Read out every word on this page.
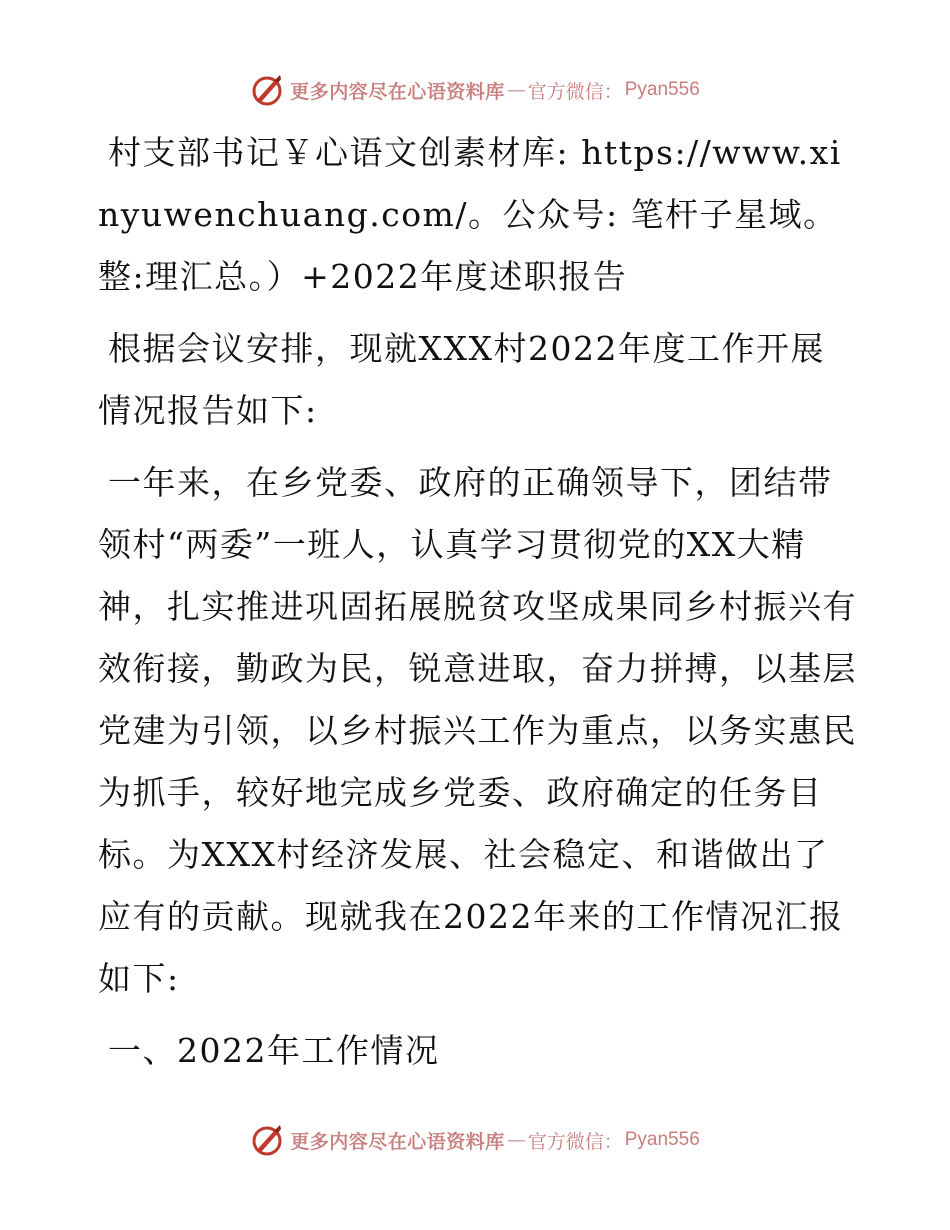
更多内容尽在心语资料库 — 官方微信： Pyan556

村支部书记￥心语文创素材库: https://www.xinyuwenchuang.com/。公众号: 笔杆子星域。整:理汇总。）+2022年度述职报告

根据会议安排，现就XXX村2022年度工作开展情况报告如下:

一年来，在乡党委、政府的正确领导下，团结带领村“两委”一班人，认真学习贯彻党的XX大精神，扎实推进巩固拓展脱贫攻坚成果同乡村振兴有效衔接，勤政为民，锐意进取，奋力拼搏，以基层党建为引领，以乡村振兴工作为重点，以务实惠民为抓手，较好地完成乡党委、政府确定的任务目标。为XXX村经济发展、社会稳定、和谐做出了应有的贡献。现就我在2022年来的工作情况汇报如下:

一、2022年工作情况

更多内容尽在心语资料库 — 官方微信： Pyan556
